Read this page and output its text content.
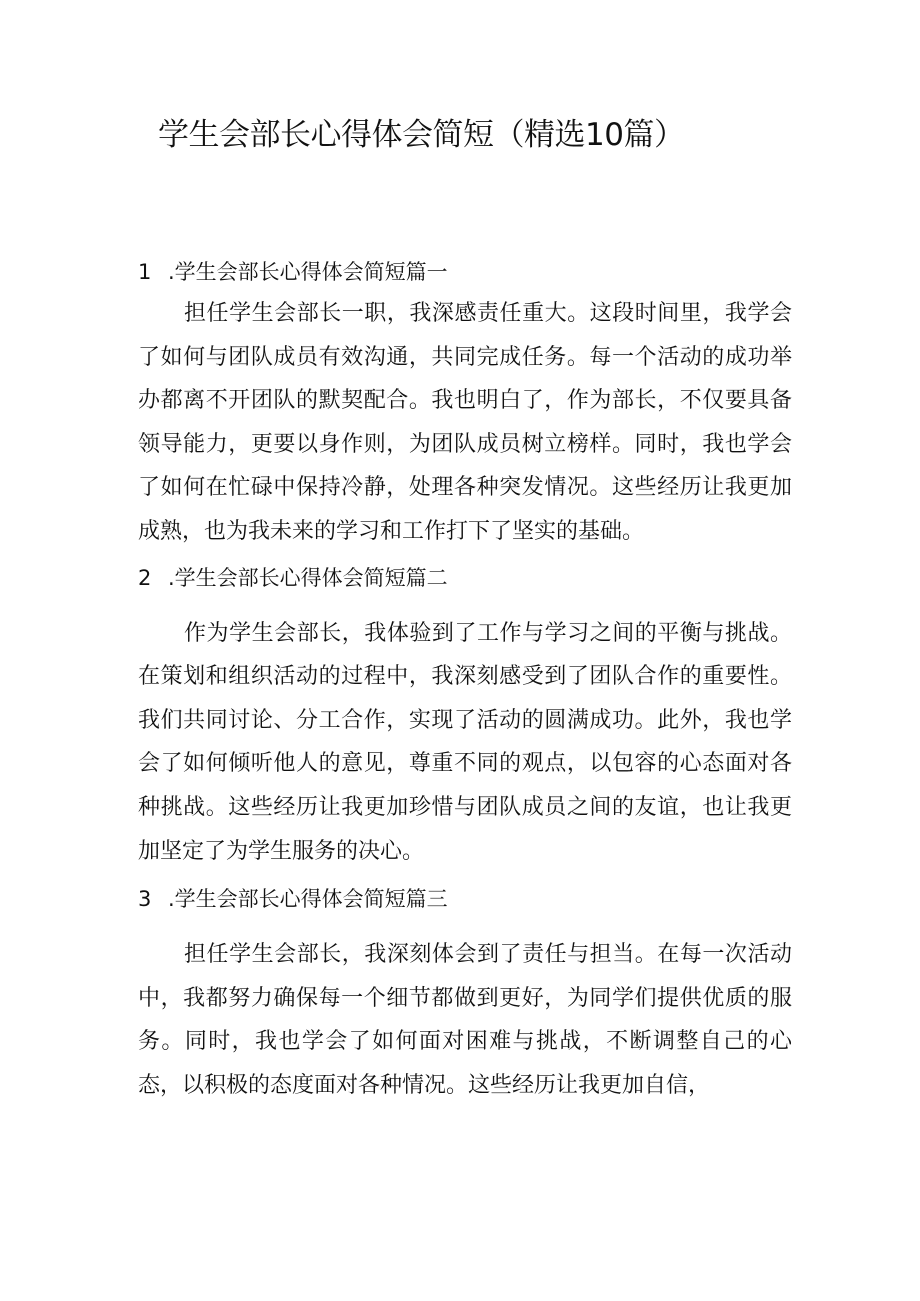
学生会部长心得体会简短（精选10篇）
1 .学生会部长心得体会简短篇一

担任学生会部长一职，我深感责任重大。这段时间里，我学会了如何与团队成员有效沟通，共同完成任务。每一个活动的成功举办都离不开团队的默契配合。我也明白了，作为部长，不仅要具备领导能力，更要以身作则，为团队成员树立榜样。同时，我也学会了如何在忙碌中保持冷静，处理各种突发情况。这些经历让我更加成熟，也为我未来的学习和工作打下了坚实的基础。

2 .学生会部长心得体会简短篇二

作为学生会部长，我体验到了工作与学习之间的平衡与挑战。在策划和组织活动的过程中，我深刻感受到了团队合作的重要性。我们共同讨论、分工合作，实现了活动的圆满成功。此外，我也学会了如何倾听他人的意见，尊重不同的观点，以包容的心态面对各种挑战。这些经历让我更加珍惜与团队成员之间的友谊，也让我更加坚定了为学生服务的决心。

3 .学生会部长心得体会简短篇三

担任学生会部长，我深刻体会到了责任与担当。在每一次活动中，我都努力确保每一个细节都做到更好，为同学们提供优质的服务。同时，我也学会了如何面对困难与挑战，不断调整自己的心态，以积极的态度面对各种情况。这些经历让我更加自信，
